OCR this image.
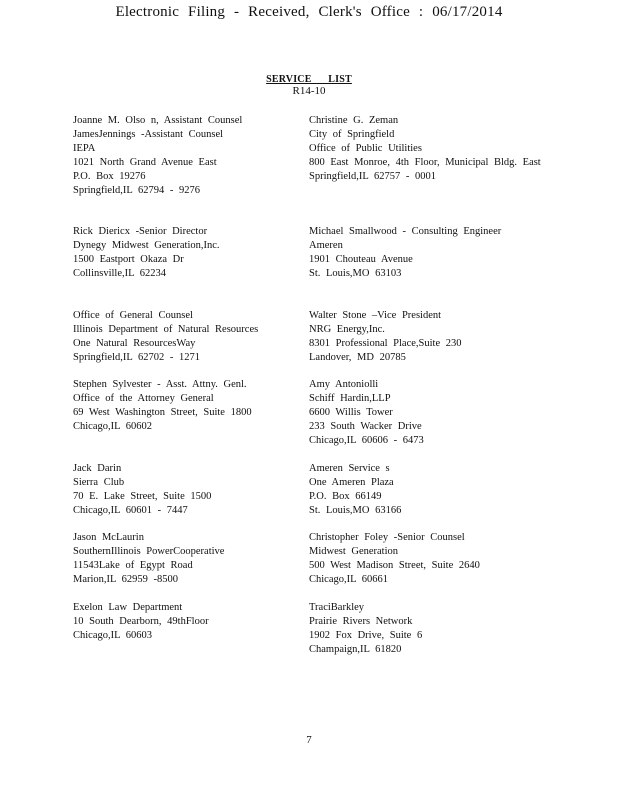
Electronic Filing - Received, Clerk's Office : 06/17/2014
SERVICE LIST
R14-10
Joanne M. Olso n, Assistant Counsel
JamesJennings -Assistant Counsel
IEPA
1021 North Grand Avenue East
P.O. Box 19276
Springfield,IL 62794 - 9276
Rick Diericx -Senior Director
Dynegy Midwest Generation,Inc.
1500 Eastport Okaza Dr
Collinsville,IL 62234
Office of General Counsel
Illinois Department of Natural Resources
One Natural ResourcesWay
Springfield,IL 62702 - 1271
Stephen Sylvester - Asst. Attny. Genl.
Office of the Attorney General
69 West Washington Street, Suite 1800
Chicago,IL 60602
Jack Darin
Sierra Club
70 E. Lake Street, Suite 1500
Chicago,IL 60601 - 7447
Jason McLaurin
SouthernIllinois PowerCooperative
11543Lake of Egypt Road
Marion,IL 62959 -8500
Exelon Law Department
10 South Dearborn, 49thFloor
Chicago,IL 60603
Christine G. Zeman
City of Springfield
Office of Public Utilities
800 East Monroe, 4th Floor, Municipal Bldg. East
Springfield,IL 62757 - 0001
Michael Smallwood - Consulting Engineer
Ameren
1901 Chouteau Avenue
St. Louis,MO 63103
Walter Stone –Vice President
NRG Energy,Inc.
8301 Professional Place,Suite 230
Landover, MD 20785
Amy Antoniolli
Schiff Hardin,LLP
6600 Willis Tower
233 South Wacker Drive
Chicago,IL 60606 - 6473
Ameren Service s
One Ameren Plaza
P.O. Box 66149
St. Louis,MO 63166
Christopher Foley -Senior Counsel
Midwest Generation
500 West Madison Street, Suite 2640
Chicago,IL 60661
TraciBarkley
Prairie Rivers Network
1902 Fox Drive, Suite 6
Champaign,IL 61820
7
